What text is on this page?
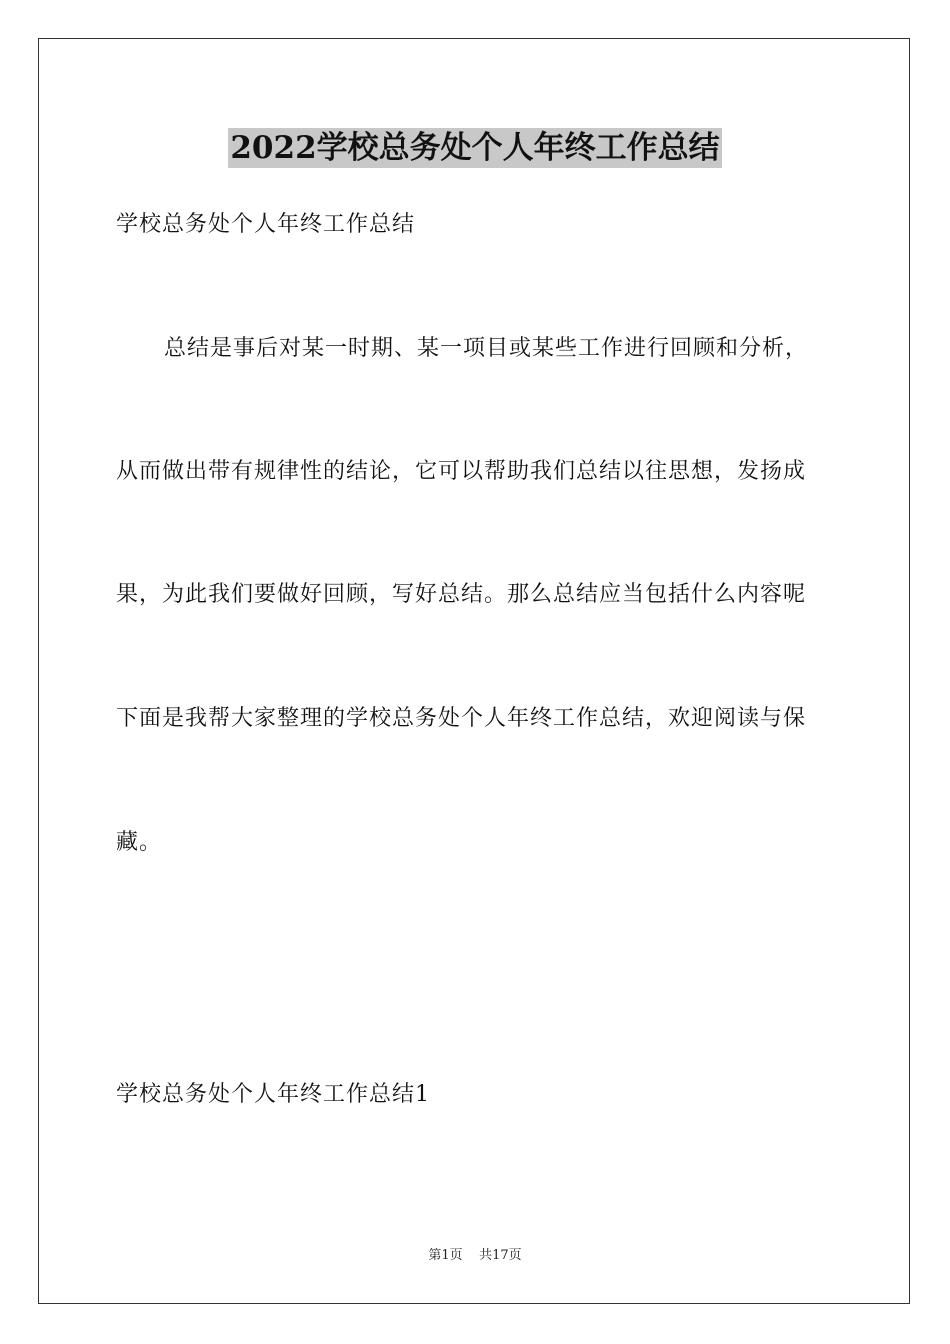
2022学校总务处个人年终工作总结
学校总务处个人年终工作总结
总结是事后对某一时期、某一项目或某些工作进行回顾和分析，
从而做出带有规律性的结论，它可以帮助我们总结以往思想，发扬成
果，为此我们要做好回顾，写好总结。那么总结应当包括什么内容呢
下面是我帮大家整理的学校总务处个人年终工作总结，欢迎阅读与保
藏。
学校总务处个人年终工作总结1
第1页 共17页
